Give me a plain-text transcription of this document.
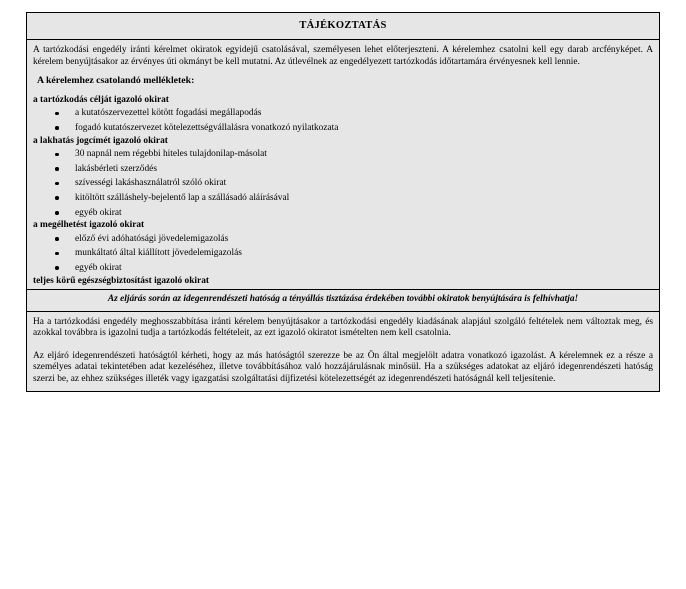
TÁJÉKOZTATÁS
A tartózkodási engedély iránti kérelmet okiratok egyidejű csatolásával, személyesen lehet előterjeszteni. A kérelemhez csatolni kell egy darab arcfényképet. A kérelem benyújtásakor az érvényes úti okmányt be kell mutatni. Az útlevélnek az engedélyezett tartózkodás időtartamára érvényesnek kell lennie.
A kérelemhez csatolandó mellékletek:
a tartózkodás célját igazoló okirat
a kutatószervezettel kötött fogadási megállapodás
fogadó kutatószervezet kötelezettségvállalásra vonatkozó nyilatkozata
a lakhatás jogcímét igazoló okirat
30 napnál nem régebbi hiteles tulajdonilap-másolat
lakásbérleti szerződés
szívességi lakáshasználatról szóló okirat
kitöltött szálláshely-bejelentő lap a szállásadó aláírásával
egyéb okirat
a megélhetést igazoló okirat
előző évi adóhatósági jövedelemigazolás
munkáltató által kiállított jövedelemigazolás
egyéb okirat
teljes körű egészségbiztosítást igazoló okirat
Az eljárás során az idegenrendészeti hatóság a tényállás tisztázása érdekében további okiratok benyújtására is felhívhatja!

Ha a tartózkodási engedély meghosszabbítása iránti kérelem benyújtásakor a tartózkodási engedély kiadásának alapjául szolgáló feltételek nem változtak meg, és azokkal továbbra is igazolni tudja a tartózkodás feltételeit, az ezt igazoló okiratot ismételten nem kell csatolnia.

Az eljáró idegenrendészeti hatóságtól kérheti, hogy az más hatóságtól szerezze be az Ön által megjelölt adatra vonatkozó igazolást. A kérelemnek ez a része a személyes adatai tekintetében adat kezeléséhez, illetve továbbításához való hozzájárulásnak minősül. Ha a szükséges adatokat az eljáró idegenrendészeti hatóság szerzi be, az ehhez szükséges illeték vagy igazgatási szolgáltatási díjfizetési kötelezettségét az idegenrendészeti hatóságnál kell teljesítenie.
